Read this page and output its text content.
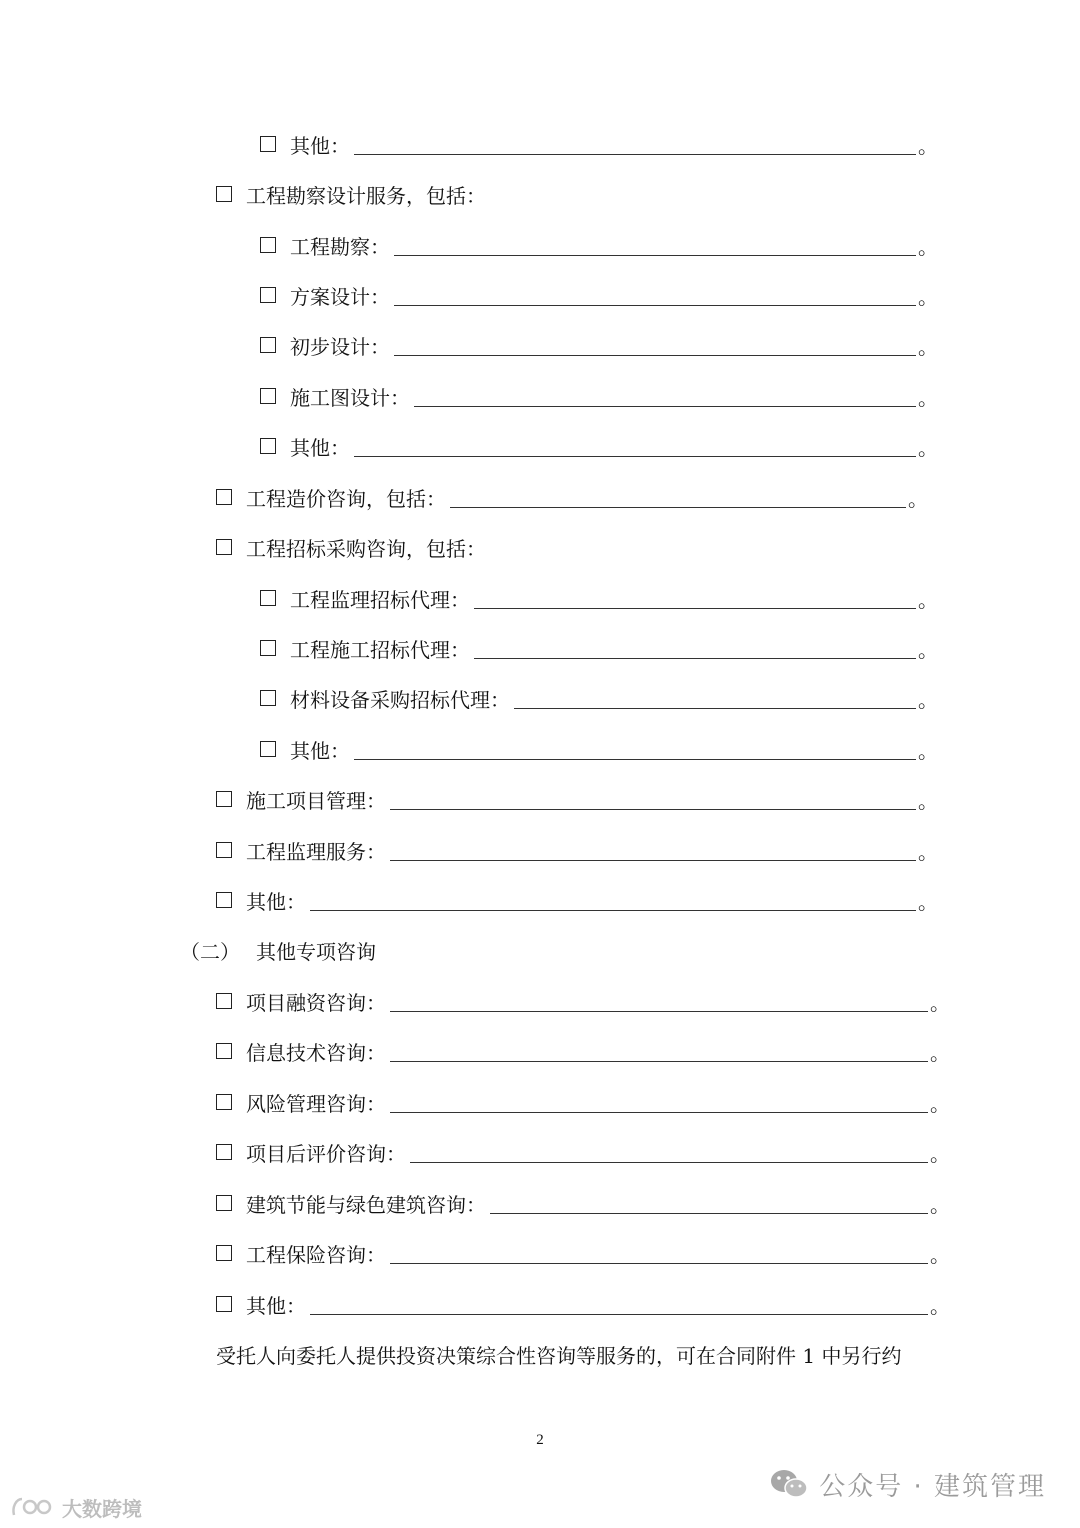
其他：	。
工程勘察设计服务，包括：
工程勘察：	。
方案设计：	。
初步设计：	。
施工图设计：	。
其他：	。
工程造价咨询，包括：	。
工程招标采购咨询，包括：
工程监理招标代理：	。
工程施工招标代理：	。
材料设备采购招标代理：	。
其他：	。
施工项目管理：	。
工程监理服务：	。
其他：	。
（二） 其他专项咨询
项目融资咨询：	。
信息技术咨询：	。
风险管理咨询：	。
项目后评价咨询：	。
建筑节能与绿色建筑咨询：	。
工程保险咨询：	。
其他：	。
受托人向委托人提供投资决策综合性咨询等服务的，可在合同附件 1 中另行约
2
公众号 · 建筑管理
大数跨境
